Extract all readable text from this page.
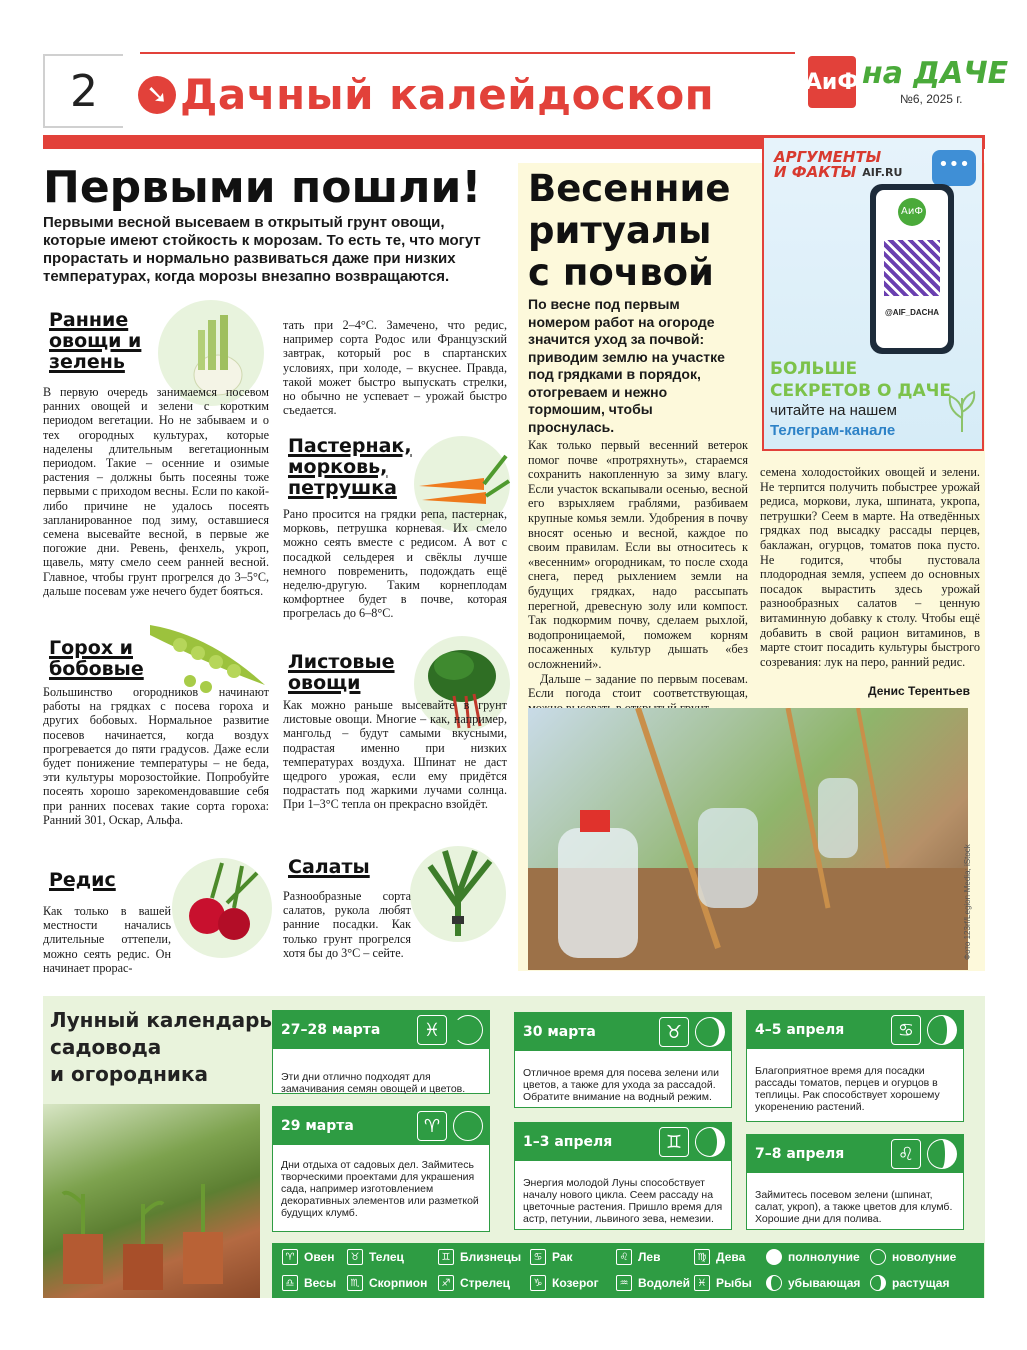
2	➘ Дачный калейдоскоп	АиФ на ДАЧЕ
№6, 2025 г.
Первыми пошли!
Первыми весной высеваем в открытый грунт овощи, которые имеют стойкость к морозам. То есть те, что могут прорастать и нормально развиваться даже при низких температурах, когда морозы внезапно возвращаются.
Ранние овощи и зелень
В первую очередь занимаемся посевом ранних овощей и зелени с коротким периодом вегетации. Но не забываем и о тех огородных культурах, которые наделены длительным вегетационным периодом. Такие – осенние и озимые растения – должны быть посеяны тоже первыми с приходом весны. Если по какой-либо причине не удалось посеять запланированное под зиму, оставшиеся семена высевайте весной, в первые же погожие дни. Ревень, фенхель, укроп, щавель, мяту смело сеем ранней весной. Главное, чтобы грунт прогрелся до 3–5°С, дальше посевам уже нечего будет бояться.
Горох и бобовые
Большинство огородников начинают работы на грядках с посева гороха и других бобовых. Нормальное развитие посевов начинается, когда воздух прогревается до пяти градусов. Даже если будет понижение температуры – не беда, эти культуры морозостойкие. Попробуйте посеять хорошо зарекомендовавшие себя при ранних посевах такие сорта гороха: Ранний 301, Оскар, Альфа.
Редис
Как только в вашей местности начались длительные оттепели, можно сеять редис. Он начинает прорас-
тать при 2–4°С. Замечено, что редис, например сорта Родос или Французский завтрак, который рос в спартанских условиях, при холоде, – вкуснее. Правда, такой может быстро выпускать стрелки, но обычно не успевает – урожай быстро съедается.
Пастернак, морковь, петрушка
Рано просится на грядки репа, пастернак, морковь, петрушка корневая. Их смело можно сеять вместе с редисом. А вот с посадкой сельдерея и свёклы лучше немного повременить, подождать ещё неделю-другую. Таким корнеплодам комфортнее будет в почве, которая прогрелась до 6–8°С.
Листовые овощи
Как можно раньше высевайте в грунт листовые овощи. Многие – как, например, мангольд – будут самыми вкусными, подрастая именно при низких температурах воздуха. Шпинат не даст щедрого урожая, если ему придётся подрастать под жаркими лучами солнца. При 1–3°С тепла он прекрасно взойдёт.
Салаты
Разнообразные сорта салатов, рукола любят ранние посадки. Как только грунт прогрелся хотя бы до 3°С – сейте.
Весенние
ритуалы
с почвой
По весне под первым номером работ на огороде значится уход за почвой: приводим землю на участке под грядками в порядок, отогреваем и нежно тормошим, чтобы проснулась.
АРГУМЕНТЫ
И ФАКТЫ AIF.RU	•••
АиФ
@AIF_DACHA
БОЛЬШЕ
СЕКРЕТОВ О ДАЧЕ
читайте на нашем
Телеграм-канале
Как только первый весенний ветерок помог почве «протряхнуть», стараемся сохранить накопленную за зиму влагу. Если участок вскапывали осенью, весной его взрыхляем граблями, разбиваем крупные комья земли. Удобрения в почву вносят осенью и весной, каждое по своим правилам. Если вы относитесь к «весенним» огородникам, то после схода снега, перед рыхлением земли на будущих грядках, надо рассыпать перегной, древесную золу или компост. Так подкормим почву, сделаем рыхлой, водопроницаемой, поможем корням посаженных культур дышать «без осложнений».
Дальше – задание по первым посевам. Если погода стоит соответствующая,
семена холодостойких овощей и зелени. Не терпится получить побыстрее урожай редиса, моркови, лука, шпината, укропа, петрушки? Сеем в марте. На отведённых грядках под высадку рассады перцев, баклажан, огурцов, томатов пока пусто. Не годится, чтобы пустовала плодородная земля, успеем до основных посадок вырастить здесь урожай разнообразных салатов – ценную витаминную добавку к столу. Чтобы ещё добавить в свой рацион витаминов, в марте стоит посадить культуры быстрого созревания: лук на перо, ранний редис.
Денис Терентьев
Фото 123rf/Legion-Media; iStock
Лунный календарь
садовода
и огородника
27–28 марта	♓
Эти дни отлично подходят для замачивания семян овощей и цветов.
29 марта	♈
Дни отдыха от садовых дел. Займитесь творческими проектами для украшения сада, например изготовлением декоративных элементов или разметкой будущих клумб.
30 марта	♉
Отличное время для посева зелени или цветов, а также для ухода за рассадой. Обратите внимание на водный режим.
1–3 апреля	♊
Энергия молодой Луны способствует началу нового цикла. Сеем рассаду на цветочные растения. Пришло время для астр, петунии, львиного зева, немезии.
4–5 апреля	♋
Благоприятное время для посадки рассады томатов, перцев и огурцов в теплицы. Рак способствует хорошему укоренению растений.
7–8 апреля	♌
Займитесь посевом зелени (шпинат, салат, укроп), а также цветов для клумб. Хорошие дни для полива.
♈ Овен	♉ Телец	♊ Близнецы	♋ Рак	♌ Лев	♍ Дева
♎ Весы	♏ Скорпион	♐ Стрелец	♑ Козерог	♒ Водолей ♓ Рыбы
полнолуние	новолуние
убывающая	растущая
